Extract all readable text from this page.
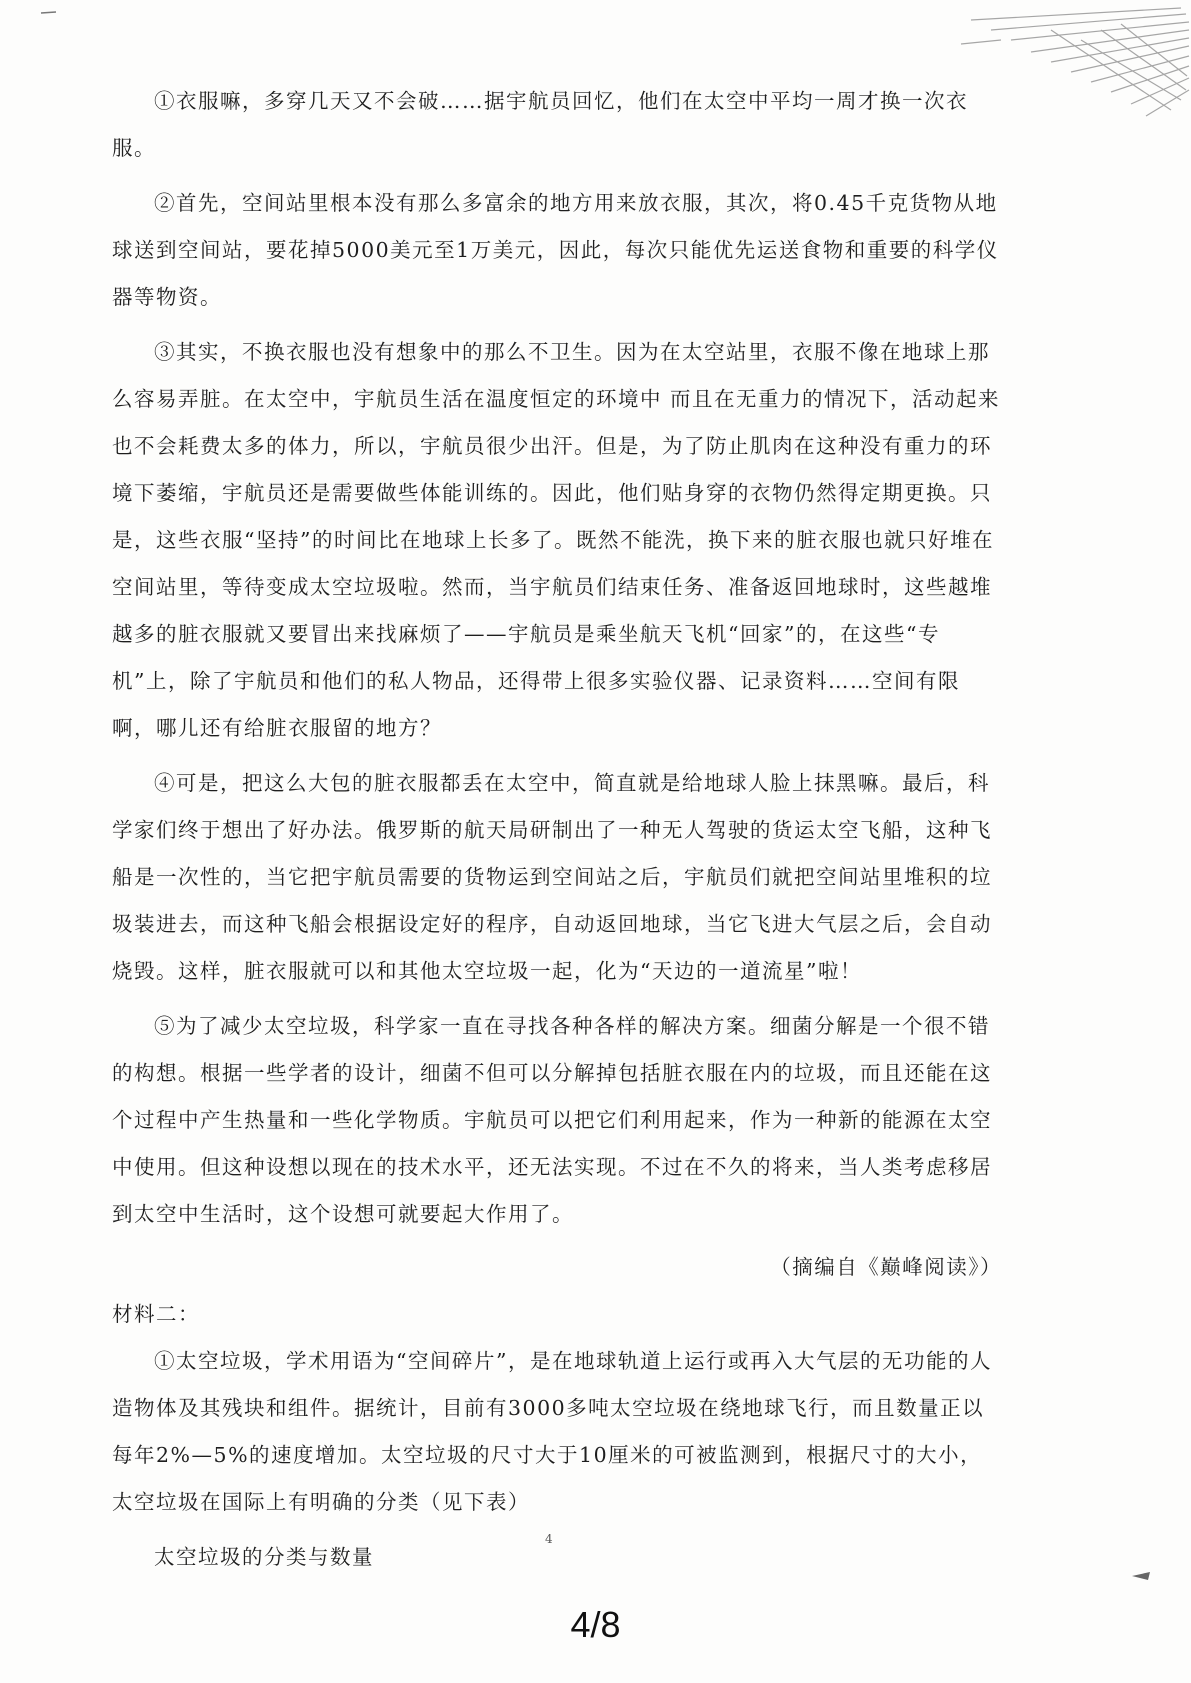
①衣服嘛，多穿几天又不会破……据宇航员回忆，他们在太空中平均一周才换一次衣服。

②首先，空间站里根本没有那么多富余的地方用来放衣服，其次，将0.45千克货物从地球送到空间站，要花掉5000美元至1万美元，因此，每次只能优先运送食物和重要的科学仪器等物资。

③其实，不换衣服也没有想象中的那么不卫生。因为在太空站里，衣服不像在地球上那么容易弄脏。在太空中，宇航员生活在温度恒定的环境中 而且在无重力的情况下，活动起来也不会耗费太多的体力，所以，宇航员很少出汗。但是，为了防止肌肉在这种没有重力的环境下萎缩，宇航员还是需要做些体能训练的。因此，他们贴身穿的衣物仍然得定期更换。只是，这些衣服“坚持”的时间比在地球上长多了。既然不能洗，换下来的脏衣服也就只好堆在空间站里，等待变成太空垃圾啦。然而，当宇航员们结束任务、准备返回地球时，这些越堆越多的脏衣服就又要冒出来找麻烦了——宇航员是乘坐航天飞机“回家”的，在这些“专机”上，除了宇航员和他们的私人物品，还得带上很多实验仪器、记录资料……空间有限啊，哪儿还有给脏衣服留的地方？

④可是，把这么大包的脏衣服都丢在太空中，简直就是给地球人脸上抹黑嘛。最后，科学家们终于想出了好办法。俄罗斯的航天局研制出了一种无人驾驶的货运太空飞船，这种飞船是一次性的，当它把宇航员需要的货物运到空间站之后，宇航员们就把空间站里堆积的垃圾装进去，而这种飞船会根据设定好的程序，自动返回地球，当它飞进大气层之后，会自动烧毁。这样，脏衣服就可以和其他太空垃圾一起，化为“天边的一道流星”啦！

⑤为了减少太空垃圾，科学家一直在寻找各种各样的解决方案。细菌分解是一个很不错的构想。根据一些学者的设计，细菌不但可以分解掉包括脏衣服在内的垃圾，而且还能在这个过程中产生热量和一些化学物质。宇航员可以把它们利用起来，作为一种新的能源在太空中使用。但这种设想以现在的技术水平，还无法实现。不过在不久的将来，当人类考虑移居到太空中生活时，这个设想可就要起大作用了。

（摘编自《巅峰阅读》）

材料二：

①太空垃圾，学术用语为“空间碎片”，是在地球轨道上运行或再入大气层的无功能的人造物体及其残块和组件。据统计，目前有3000多吨太空垃圾在绕地球飞行，而且数量正以每年2%—5%的速度增加。太空垃圾的尺寸大于10厘米的可被监测到，根据尺寸的大小，太空垃圾在国际上有明确的分类（见下表）

太空垃圾的分类与数量

4
4/8
